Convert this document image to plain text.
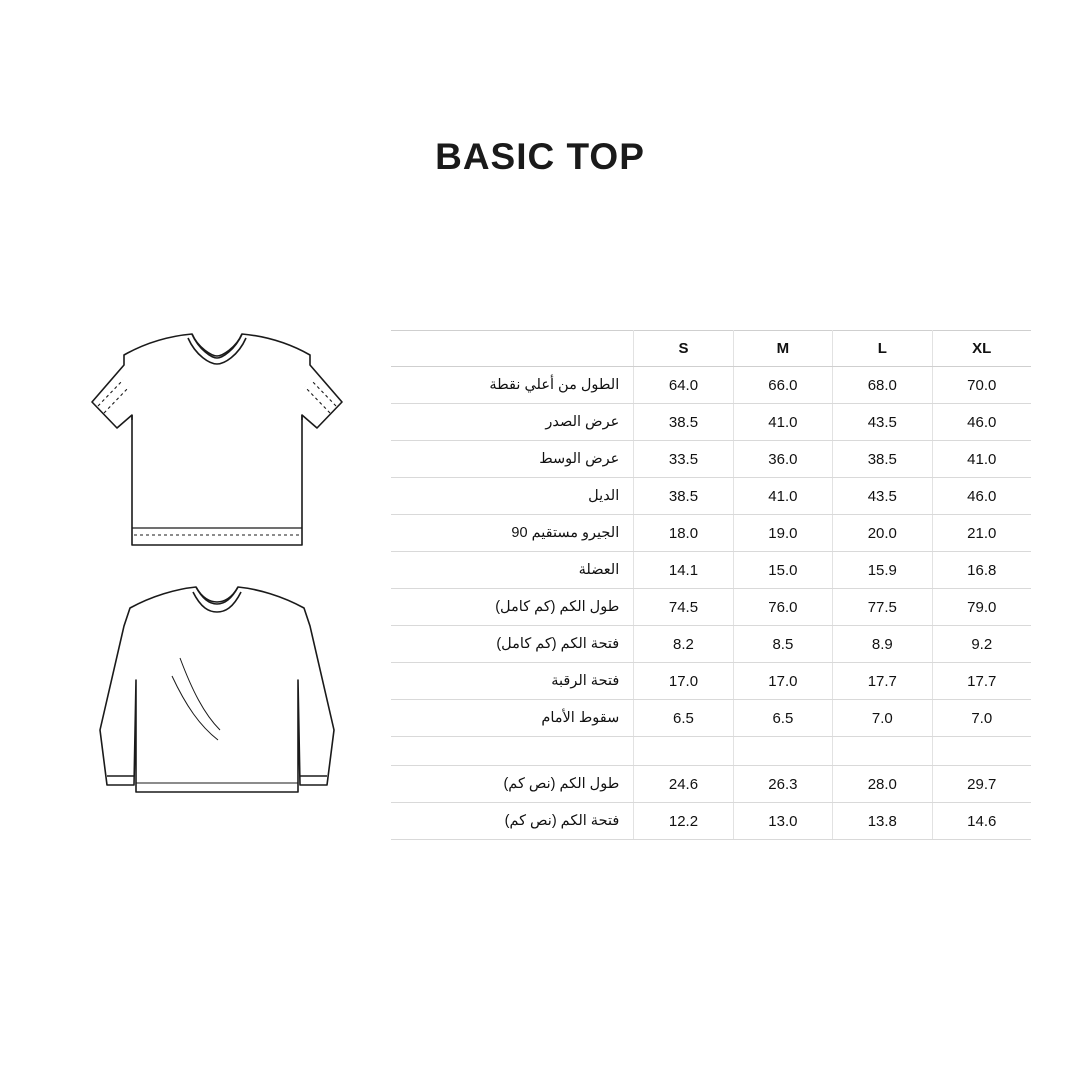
BASIC TOP
	S	M	L	XL
الطول من أعلي نقطة	64.0	66.0	68.0	70.0
عرض الصدر	38.5	41.0	43.5	46.0
عرض الوسط	33.5	36.0	38.5	41.0
الديل	38.5	41.0	43.5	46.0
الجيرو مستقيم 90	18.0	19.0	20.0	21.0
العضلة	14.1	15.0	15.9	16.8
طول الكم (كم كامل)	74.5	76.0	77.5	79.0
فتحة الكم (كم كامل)	8.2	8.5	8.9	9.2
فتحة الرقبة	17.0	17.0	17.7	17.7
سقوط الأمام	6.5	6.5	7.0	7.0

طول الكم (نص كم)	24.6	26.3	28.0	29.7
فتحة الكم (نص كم)	12.2	13.0	13.8	14.6
